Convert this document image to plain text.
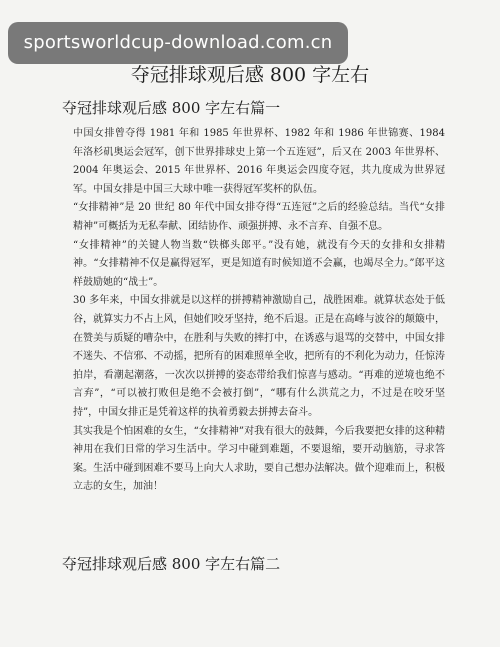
sportsworldcup-download.com.cn
夺冠排球观后感 800 字左右
夺冠排球观后感 800 字左右篇一

中国女排曾夺得 1981 年和 1985 年世界杯、1982 年和 1986 年世锦赛、1984 年洛杉矶奥运会冠军，创下世界排球史上第一个五连冠”，后又在 2003 年世界杯、2004 年奥运会、2015 年世界杯、2016 年奥运会四度夺冠，共九度成为世界冠军。中国女排是中国三大球中唯一获得冠军奖杯的队伍。

“女排精神”是 20 世纪 80 年代中国女排夺得“五连冠”之后的经验总结。当代“女排精神”可概括为无私奉献、团结协作、顽强拼搏、永不言弃、自强不息。

“女排精神”的关键人物当数“铁榔头郎平。”没有她，就没有今天的女排和女排精神。“女排精神不仅是赢得冠军，更是知道有时候知道不会赢，也竭尽全力。”郎平这样鼓励她的“战士”。

30 多年来，中国女排就是以这样的拼搏精神激励自己，战胜困难。就算状态处于低谷，就算实力不占上风，但她们咬牙坚持，绝不后退。正是在高峰与波谷的颠簸中，在赞美与质疑的嘈杂中，在胜利与失败的摔打中，在诱惑与退骂的交替中，中国女排不迷失、不信邪、不动摇，把所有的困难照单全收，把所有的不利化为动力，任惊涛拍岸，看潮起潮落，一次次以拼搏的姿态带给我们惊喜与感动。“再难的逆境也绝不言弃”，“可以被打败但是绝不会被打倒”，“哪有什么洪荒之力，不过是在咬牙坚持”，中国女排正是凭着这样的执着勇毅去拼搏去奋斗。

其实我是个怕困难的女生，“女排精神”对我有很大的鼓舞，今后我要把女排的这种精神用在我们日常的学习生活中。学习中碰到难题，不要退缩，要开动脑筋，寻求答案。生活中碰到困难不要马上向大人求助，要自己想办法解决。做个迎难而上，积极立志的女生，加油！

夺冠排球观后感 800 字左右篇二
